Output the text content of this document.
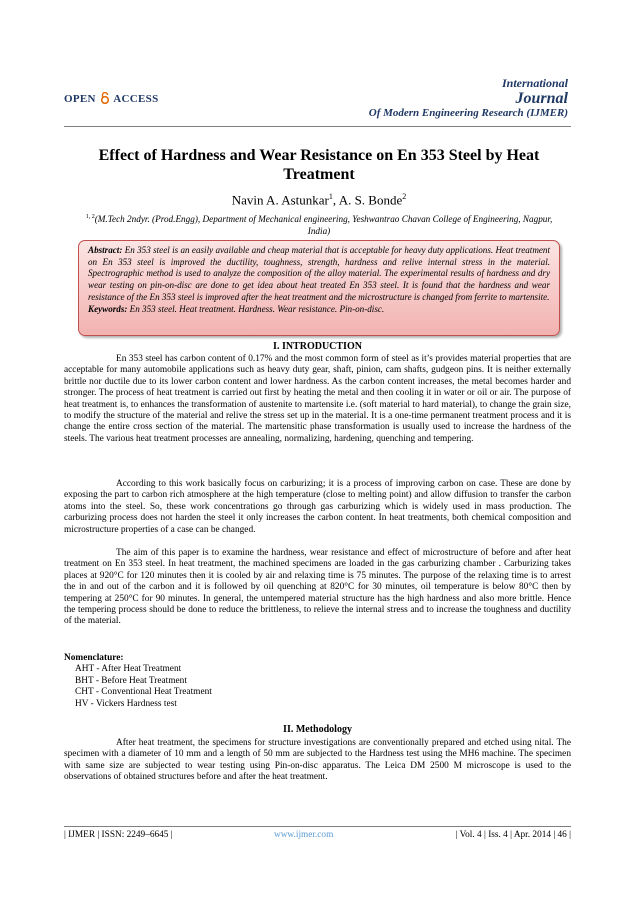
OPEN ACCESS
International
Journal
Of Modern Engineering Research (IJMER)
Effect of Hardness and Wear Resistance on En 353 Steel by Heat Treatment
Navin A. Astunkar$^1$, A. S. Bonde$^2$
$^{1, 2}$(M.Tech 2ndyr. (Prod.Engg), Department of Mechanical engineering, Yeshwantrao Chavan College of Engineering, Nagpur, India)
Abstract: En 353 steel is an easily available and cheap material that is acceptable for heavy duty applications. Heat treatment on En 353 steel is improved the ductility, toughness, strength, hardness and relive internal stress in the material. Spectrographic method is used to analyze the composition of the alloy material. The experimental results of hardness and dry wear testing on pin-on-disc are done to get idea about heat treated En 353 steel. It is found that the hardness and wear resistance of the En 353 steel is improved after the heat treatment and the microstructure is changed from ferrite to martensite.
Keywords: En 353 steel. Heat treatment. Hardness. Wear resistance. Pin-on-disc.
I. INTRODUCTION
En 353 steel has carbon content of 0.17% and the most common form of steel as it’s provides material properties that are acceptable for many automobile applications such as heavy duty gear, shaft, pinion, cam shafts, gudgeon pins. It is neither externally brittle nor ductile due to its lower carbon content and lower hardness. As the carbon content increases, the metal becomes harder and stronger. The process of heat treatment is carried out first by heating the metal and then cooling it in water or oil or air. The purpose of heat treatment is, to enhances the transformation of austenite to martensite i.e. (soft material to hard material), to change the grain size, to modify the structure of the material and relive the stress set up in the material. It is a one-time permanent treatment process and it is change the entire cross section of the material. The martensitic phase transformation is usually used to increase the hardness of the steels. The various heat treatment processes are annealing, normalizing, hardening, quenching and tempering.
According to this work basically focus on carburizing; it is a process of improving carbon on case. These are done by exposing the part to carbon rich atmosphere at the high temperature (close to melting point) and allow diffusion to transfer the carbon atoms into the steel. So, these work concentrations go through gas carburizing which is widely used in mass production. The carburizing process does not harden the steel it only increases the carbon content. In heat treatments, both chemical composition and microstructure properties of a case can be changed.
The aim of this paper is to examine the hardness, wear resistance and effect of microstructure of before and after heat treatment on En 353 steel. In heat treatment, the machined specimens are loaded in the gas carburizing chamber . Carburizing takes places at 920°C for 120 minutes then it is cooled by air and relaxing time is 75 minutes. The purpose of the relaxing time is to arrest the in and out of the carbon and it is followed by oil quenching at 820°C for 30 minutes, oil temperature is below 80°C then by tempering at 250°C for 90 minutes. In general, the untempered material structure has the high hardness and also more brittle. Hence the tempering process should be done to reduce the brittleness, to relieve the internal stress and to increase the toughness and ductility of the material.
Nomenclature:
AHT - After Heat Treatment
BHT - Before Heat Treatment
CHT - Conventional Heat Treatment
HV - Vickers Hardness test
II. Methodology
After heat treatment, the specimens for structure investigations are conventionally prepared and etched using nital. The specimen with a diameter of 10 mm and a length of 50 mm are subjected to the Hardness test using the MH6 machine. The specimen with same size are subjected to wear testing using Pin-on-disc apparatus. The Leica DM 2500 M microscope is used to the observations of obtained structures before and after the heat treatment.
| IJMER | ISSN: 2249–6645 |	www.ijmer.com	| Vol. 4 | Iss. 4 | Apr. 2014 | 46 |
